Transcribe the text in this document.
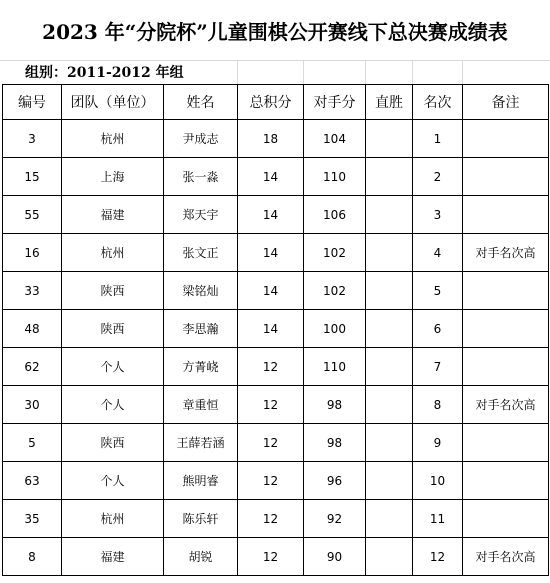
2023 年“分院杯”儿童围棋公开赛线下总决赛成绩表
组别：2011-2012 年组
编号	团队（单位）	姓名	总积分	对手分	直胜	名次	备注
3	杭州	尹成志	18	104		1	
15	上海	张一淼	14	110		2	
55	福建	郑天宇	14	106		3	
16	杭州	张文正	14	102		4	对手名次高
33	陕西	梁铭灿	14	102		5	
48	陕西	李思瀚	14	100		6	
62	个人	方菁峣	12	110		7	
30	个人	章重恒	12	98		8	对手名次高
5	陕西	王薛若涵	12	98		9	
63	个人	熊明睿	12	96		10	
35	杭州	陈乐轩	12	92		11	
8	福建	胡锐	12	90		12	对手名次高
